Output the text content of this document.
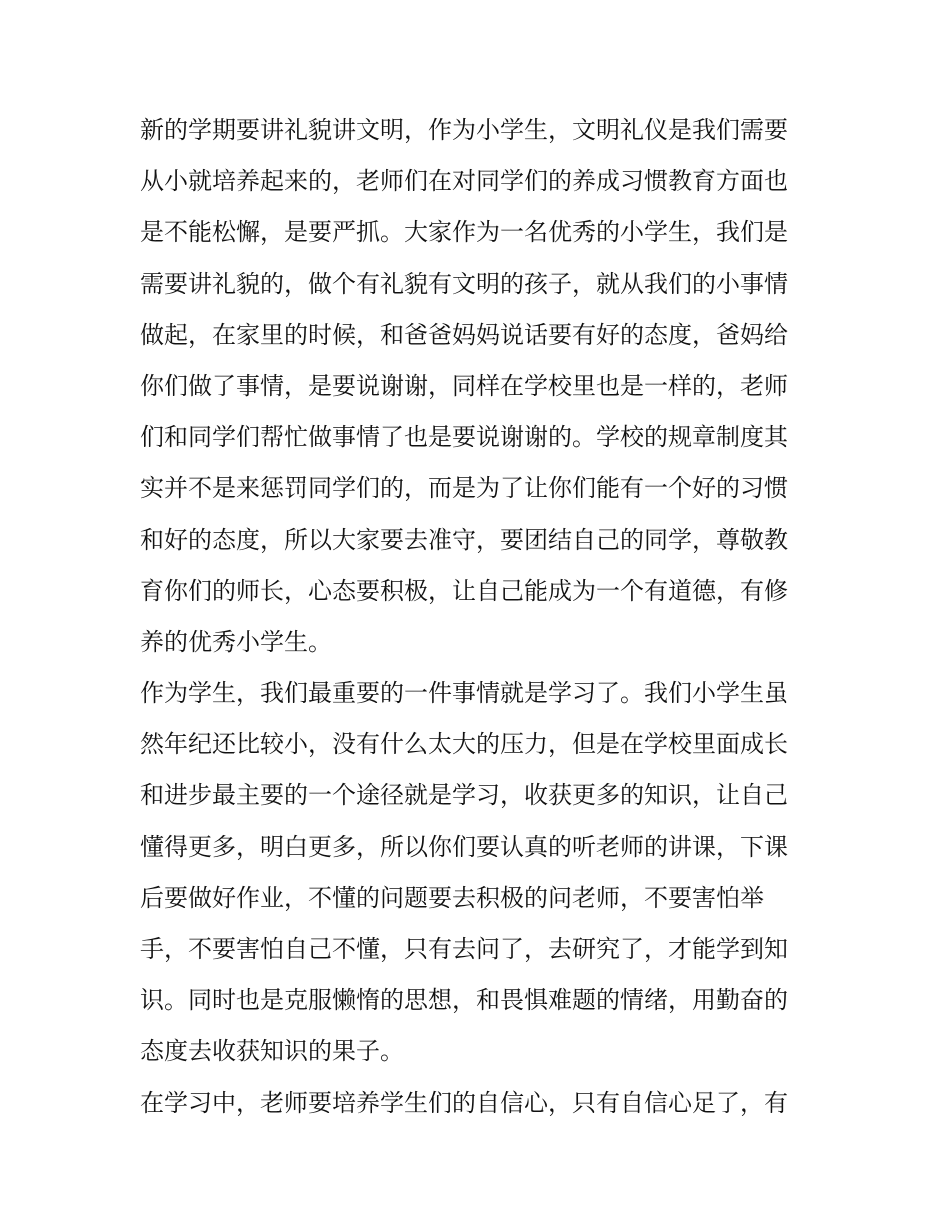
新的学期要讲礼貌讲文明，作为小学生，文明礼仪是我们需要
从小就培养起来的，老师们在对同学们的养成习惯教育方面也
是不能松懈，是要严抓。大家作为一名优秀的小学生，我们是
需要讲礼貌的，做个有礼貌有文明的孩子，就从我们的小事情
做起，在家里的时候，和爸爸妈妈说话要有好的态度，爸妈给
你们做了事情，是要说谢谢，同样在学校里也是一样的，老师
们和同学们帮忙做事情了也是要说谢谢的。学校的规章制度其
实并不是来惩罚同学们的，而是为了让你们能有一个好的习惯
和好的态度，所以大家要去准守，要团结自己的同学，尊敬教
育你们的师长，心态要积极，让自己能成为一个有道德，有修
养的优秀小学生。

作为学生，我们最重要的一件事情就是学习了。我们小学生虽
然年纪还比较小，没有什么太大的压力，但是在学校里面成长
和进步最主要的一个途径就是学习，收获更多的知识，让自己
懂得更多，明白更多，所以你们要认真的听老师的讲课，下课
后要做好作业，不懂的问题要去积极的问老师，不要害怕举
手，不要害怕自己不懂，只有去问了，去研究了，才能学到知
识。同时也是克服懒惰的思想，和畏惧难题的情绪，用勤奋的
态度去收获知识的果子。

在学习中，老师要培养学生们的自信心，只有自信心足了，有
